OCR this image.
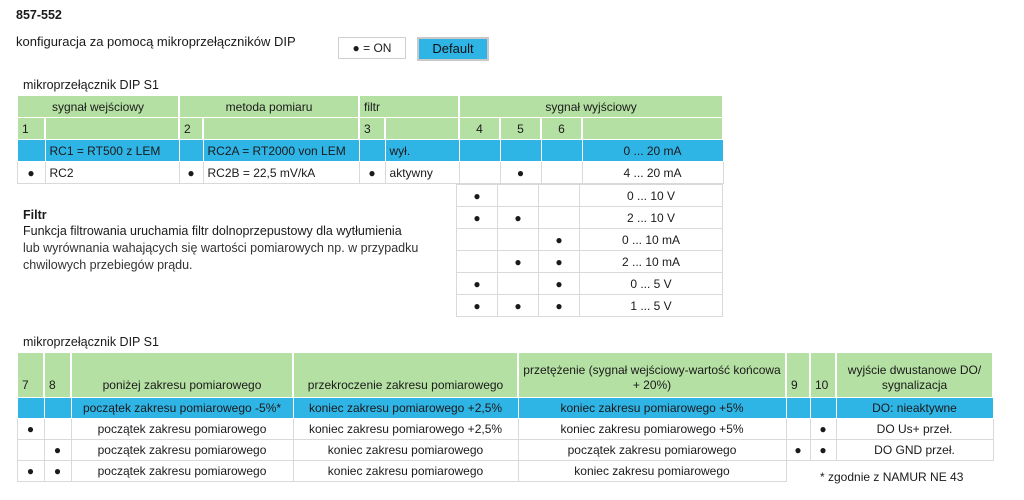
857-552
konfiguracja za pomocą mikroprzełączników DIP	● = ON	Default
mikroprzełącznik DIP S1
sygnał wejściowy		metoda pomiaru		filtr		sygnał wyjściowy			
1		2		3		4	5	6	
	RC1 = RT500 z LEM		RC2A = RT2000 von LEM		wył.				0 ... 20 mA
●	RC2	●	RC2B = 22,5 mV/kA	●	aktywny		●		4 ... 20 mA
●			0 ... 10 V
●	●		2 ... 10 V
		●	0 ... 10 mA
	●	●	2 ... 10 mA
●		●	0 ... 5 V
●	●	●	1 ... 5 V
Filtr
Funkcja filtrowania uruchamia filtr dolnoprzepustowy dla wytłumienia
lub wyrównania wahających się wartości pomiarowych np. w przypadku
chwilowych przebiegów prądu.
mikroprzełącznik DIP S1
7	8	poniżej zakresu pomiarowego	przekroczenie zakresu pomiarowego	przetężenie (sygnał wejściowy-wartość końcowa + 20%)	9	10	wyjście dwustanowe DO/ sygnalizacja
		początek zakresu pomiarowego -5%*	koniec zakresu pomiarowego +2,5%	koniec zakresu pomiarowego +5%			DO: nieaktywne
●		początek zakresu pomiarowego	koniec zakresu pomiarowego +2,5%	koniec zakresu pomiarowego +5%		●	DO Us+ przeł.
	●	początek zakresu pomiarowego	koniec zakresu pomiarowego	początek zakresu pomiarowego	●	●	DO GND przeł.
●	●	początek zakresu pomiarowego	koniec zakresu pomiarowego	koniec zakresu pomiarowego				* zgodnie z NAMUR NE 43
